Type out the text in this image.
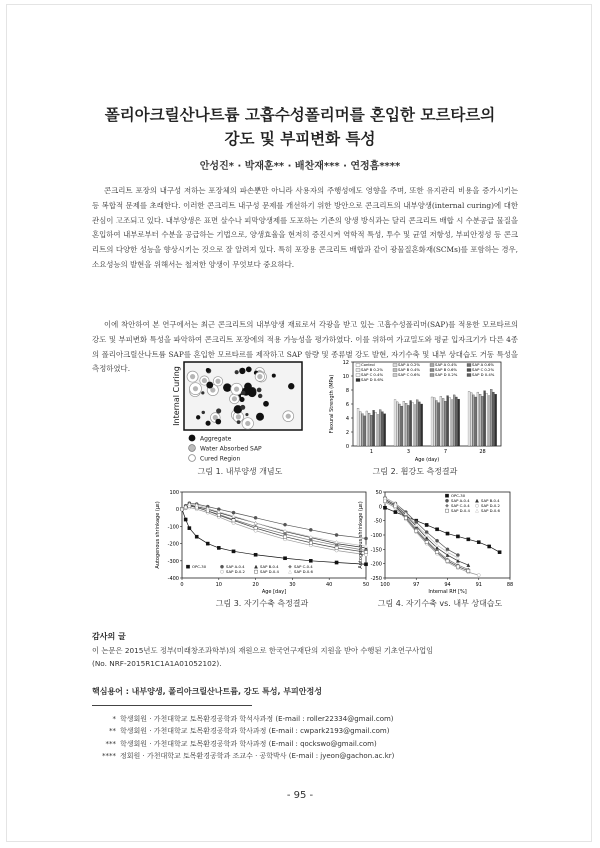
폴리아크릴산나트륨 고흡수성폴리머를 혼입한 모르타르의
강도 및 부피변화 특성
안성진* · 박재훈** · 배찬재*** · 연정흠****

콘크리트 포장의 내구성 저하는 포장체의 파손뿐만 아니라 사용자의 주행성에도 영향을 주며, 또한 유지관리 비용을 증가시키는 등 복합적 문제를 초래한다. 이러한 콘크리트 내구성 문제를 개선하기 위한 방안으로 콘크리트의 내부양생(internal curing)에 대한 관심이 고조되고 있다. 내부양생은 표면 살수나 피막양생제를 도포하는 기존의 양생 방식과는 달리 콘크리트 배합 시 수분공급 물질을 혼입하여 내부로부터 수분을 공급하는 기법으로, 양생효율을 현저히 증진시켜 역학적 특성, 투수 및 균열 저항성, 부피안정성 등 콘크리트의 다양한 성능을 향상시키는 것으로 잘 알려져 있다. 특히 포장용 콘크리트 배합과 같이 광물질혼화재(SCMs)를 포함하는 경우, 소요성능의 발현을 위해서는 철저한 양생이 무엇보다 중요하다.

이에 착안하여 본 연구에서는 최근 콘크리트의 내부양생 재료로서 각광을 받고 있는 고흡수성폴리머(SAP)를 적용한 모르타르의 강도 및 부피변화 특성을 파악하여 콘크리트 포장에의 적용 가능성을 평가하였다. 이를 위하여 가교밀도와 평균 입자크기가 다른 4종의 폴리아크릴산나트륨 SAP를 혼입한 모르타르를 제작하고 SAP 함량 및 종류별 강도 발현, 자기수축 및 내부 상대습도 거동 특성을 측정하였다.	Internal Curing
Aggregate
Water Absorbed SAP
Cured Region
그림 1. 내부양생 개념도
0
2
4
6
8
10
12
1	3	7	28
Age (day)
Flexural Strength (MPa)
Control	SAP A 0.2%	SAP A 0.4%	SAP A 0.6%
SAP B 0.2%	SAP B 0.4%	SAP B 0.6%	SAP C 0.2%
SAP C 0.4%	SAP C 0.6%	SAP D 0.2%	SAP D 0.4%
SAP D 0.6%
그림 2. 휨강도 측정결과
-400
-300
-200
-100
0
100
0	10	20	30	40	50
Age [day]
Autogenous shrinkage (με)	OPC-30	SAP A-0.4	SAP B-0.4	SAP C-0.4
SAP D-0.2	SAP D-0.4	SAP D-0.6
그림 3. 자기수축 측정결과
-250
-200
-150
-100
-50
0
50
100	97	94	91	88
Internal RH [%]
Autogenous shrinkage (με)
OPC-30
SAP A-0.4	SAP B-0.4
SAP C-0.4	SAP D-0.2
SAP D-0.4	SAP D-0.6
그림 4. 자기수축 vs. 내부 상대습도
감사의 글
이 논문은 2015년도 정부(미래창조과학부)의 재원으로 한국연구재단의 지원을 받아 수행된 기초연구사업임
(No. NRF-2015R1C1A1A01052102).
핵심용어 : 내부양생, 폴리아크릴산나트륨, 강도 특성, 부피안정성
* 학생회원 · 가천대학교 토목환경공학과 학석사과정 (E-mail : roller22334@gmail.com)
** 학생회원 · 가천대학교 토목환경공학과 학사과정 (E-mail : cwpark2193@gmail.com)
*** 학생회원 · 가천대학교 토목환경공학과 학사과정 (E-mail : qockswo@gmail.com)
**** 정회원 · 가천대학교 토목환경공학과 조교수 · 공학박사 (E-mail : jyeon@gachon.ac.kr)
- 95 -
